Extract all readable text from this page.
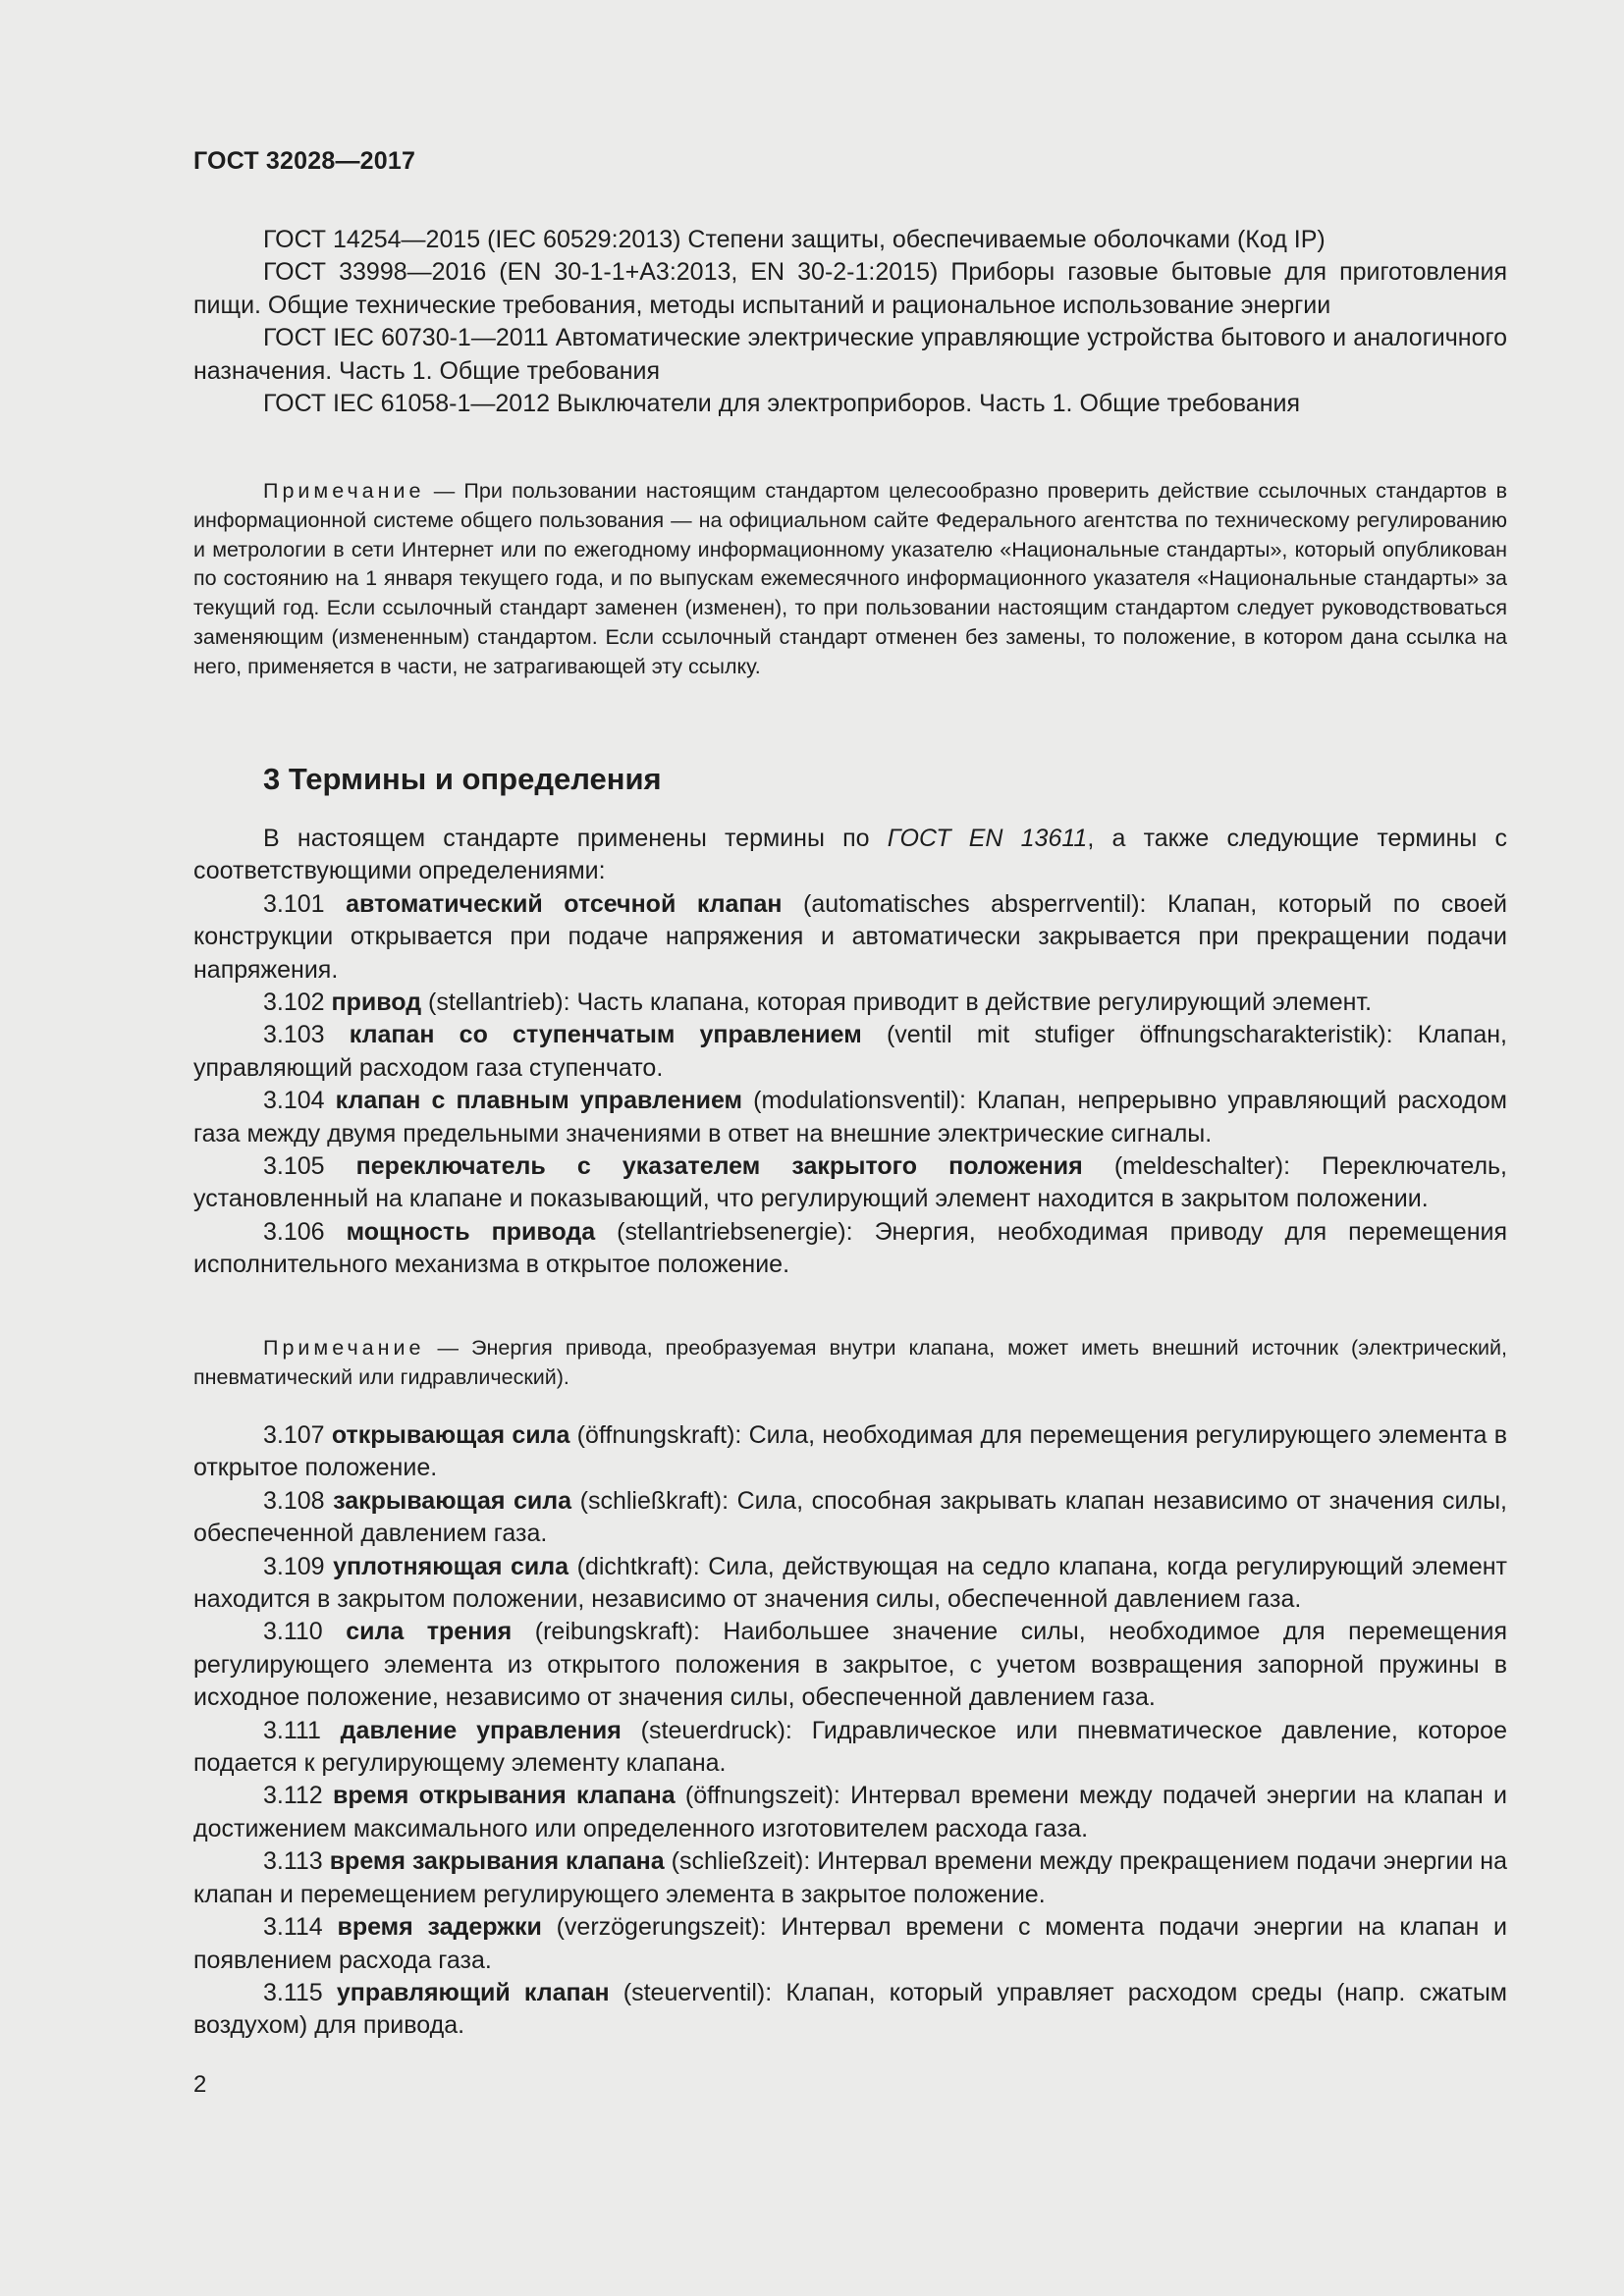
ГОСТ 32028—2017

ГОСТ 14254—2015 (IEC 60529:2013) Степени защиты, обеспечиваемые оболочками (Код IP)

ГОСТ 33998—2016 (EN 30-1-1+A3:2013, EN 30-2-1:2015) Приборы газовые бытовые для приготовления пищи. Общие технические требования, методы испытаний и рациональное использование энергии

ГОСТ IEC 60730-1—2011 Автоматические электрические управляющие устройства бытового и аналогичного назначения. Часть 1. Общие требования

ГОСТ IEC 61058-1—2012 Выключатели для электроприборов. Часть 1. Общие требования

Примечание — При пользовании настоящим стандартом целесообразно проверить действие ссылочных стандартов в информационной системе общего пользования — на официальном сайте Федерального агентства по техническому регулированию и метрологии в сети Интернет или по ежегодному информационному указателю «Национальные стандарты», который опубликован по состоянию на 1 января текущего года, и по выпускам ежемесячного информационного указателя «Национальные стандарты» за текущий год. Если ссылочный стандарт заменен (изменен), то при пользовании настоящим стандартом следует руководствоваться заменяющим (измененным) стандартом. Если ссылочный стандарт отменен без замены, то положение, в котором дана ссылка на него, применяется в части, не затрагивающей эту ссылку.

3 Термины и определения

В настоящем стандарте применены термины по ГОСТ EN 13611, а также следующие термины с соответствующими определениями:

3.101 автоматический отсечной клапан (automatisches absperrventil): Клапан, который по своей конструкции открывается при подаче напряжения и автоматически закрывается при прекращении подачи напряжения.

3.102 привод (stellantrieb): Часть клапана, которая приводит в действие регулирующий элемент.

3.103 клапан со ступенчатым управлением (ventil mit stufiger öffnungscharakteristik): Клапан, управляющий расходом газа ступенчато.

3.104 клапан с плавным управлением (modulationsventil): Клапан, непрерывно управляющий расходом газа между двумя предельными значениями в ответ на внешние электрические сигналы.

3.105 переключатель с указателем закрытого положения (meldeschalter): Переключатель, установленный на клапане и показывающий, что регулирующий элемент находится в закрытом положении.

3.106 мощность привода (stellantriebsenergie): Энергия, необходимая приводу для перемещения исполнительного механизма в открытое положение.

Примечание — Энергия привода, преобразуемая внутри клапана, может иметь внешний источник (электрический, пневматический или гидравлический).

3.107 открывающая сила (öffnungskraft): Сила, необходимая для перемещения регулирующего элемента в открытое положение.

3.108 закрывающая сила (schließkraft): Сила, способная закрывать клапан независимо от значения силы, обеспеченной давлением газа.

3.109 уплотняющая сила (dichtkraft): Сила, действующая на седло клапана, когда регулирующий элемент находится в закрытом положении, независимо от значения силы, обеспеченной давлением газа.

3.110 сила трения (reibungskraft): Наибольшее значение силы, необходимое для перемещения регулирующего элемента из открытого положения в закрытое, с учетом возвращения запорной пружины в исходное положение, независимо от значения силы, обеспеченной давлением газа.

3.111 давление управления (steuerdruck): Гидравлическое или пневматическое давление, которое подается к регулирующему элементу клапана.

3.112 время открывания клапана (öffnungszeit): Интервал времени между подачей энергии на клапан и достижением максимального или определенного изготовителем расхода газа.

3.113 время закрывания клапана (schließzeit): Интервал времени между прекращением подачи энергии на клапан и перемещением регулирующего элемента в закрытое положение.

3.114 время задержки (verzögerungszeit): Интервал времени с момента подачи энергии на клапан и появлением расхода газа.

3.115 управляющий клапан (steuerventil): Клапан, который управляет расходом среды (напр. сжатым воздухом) для привода.

2
